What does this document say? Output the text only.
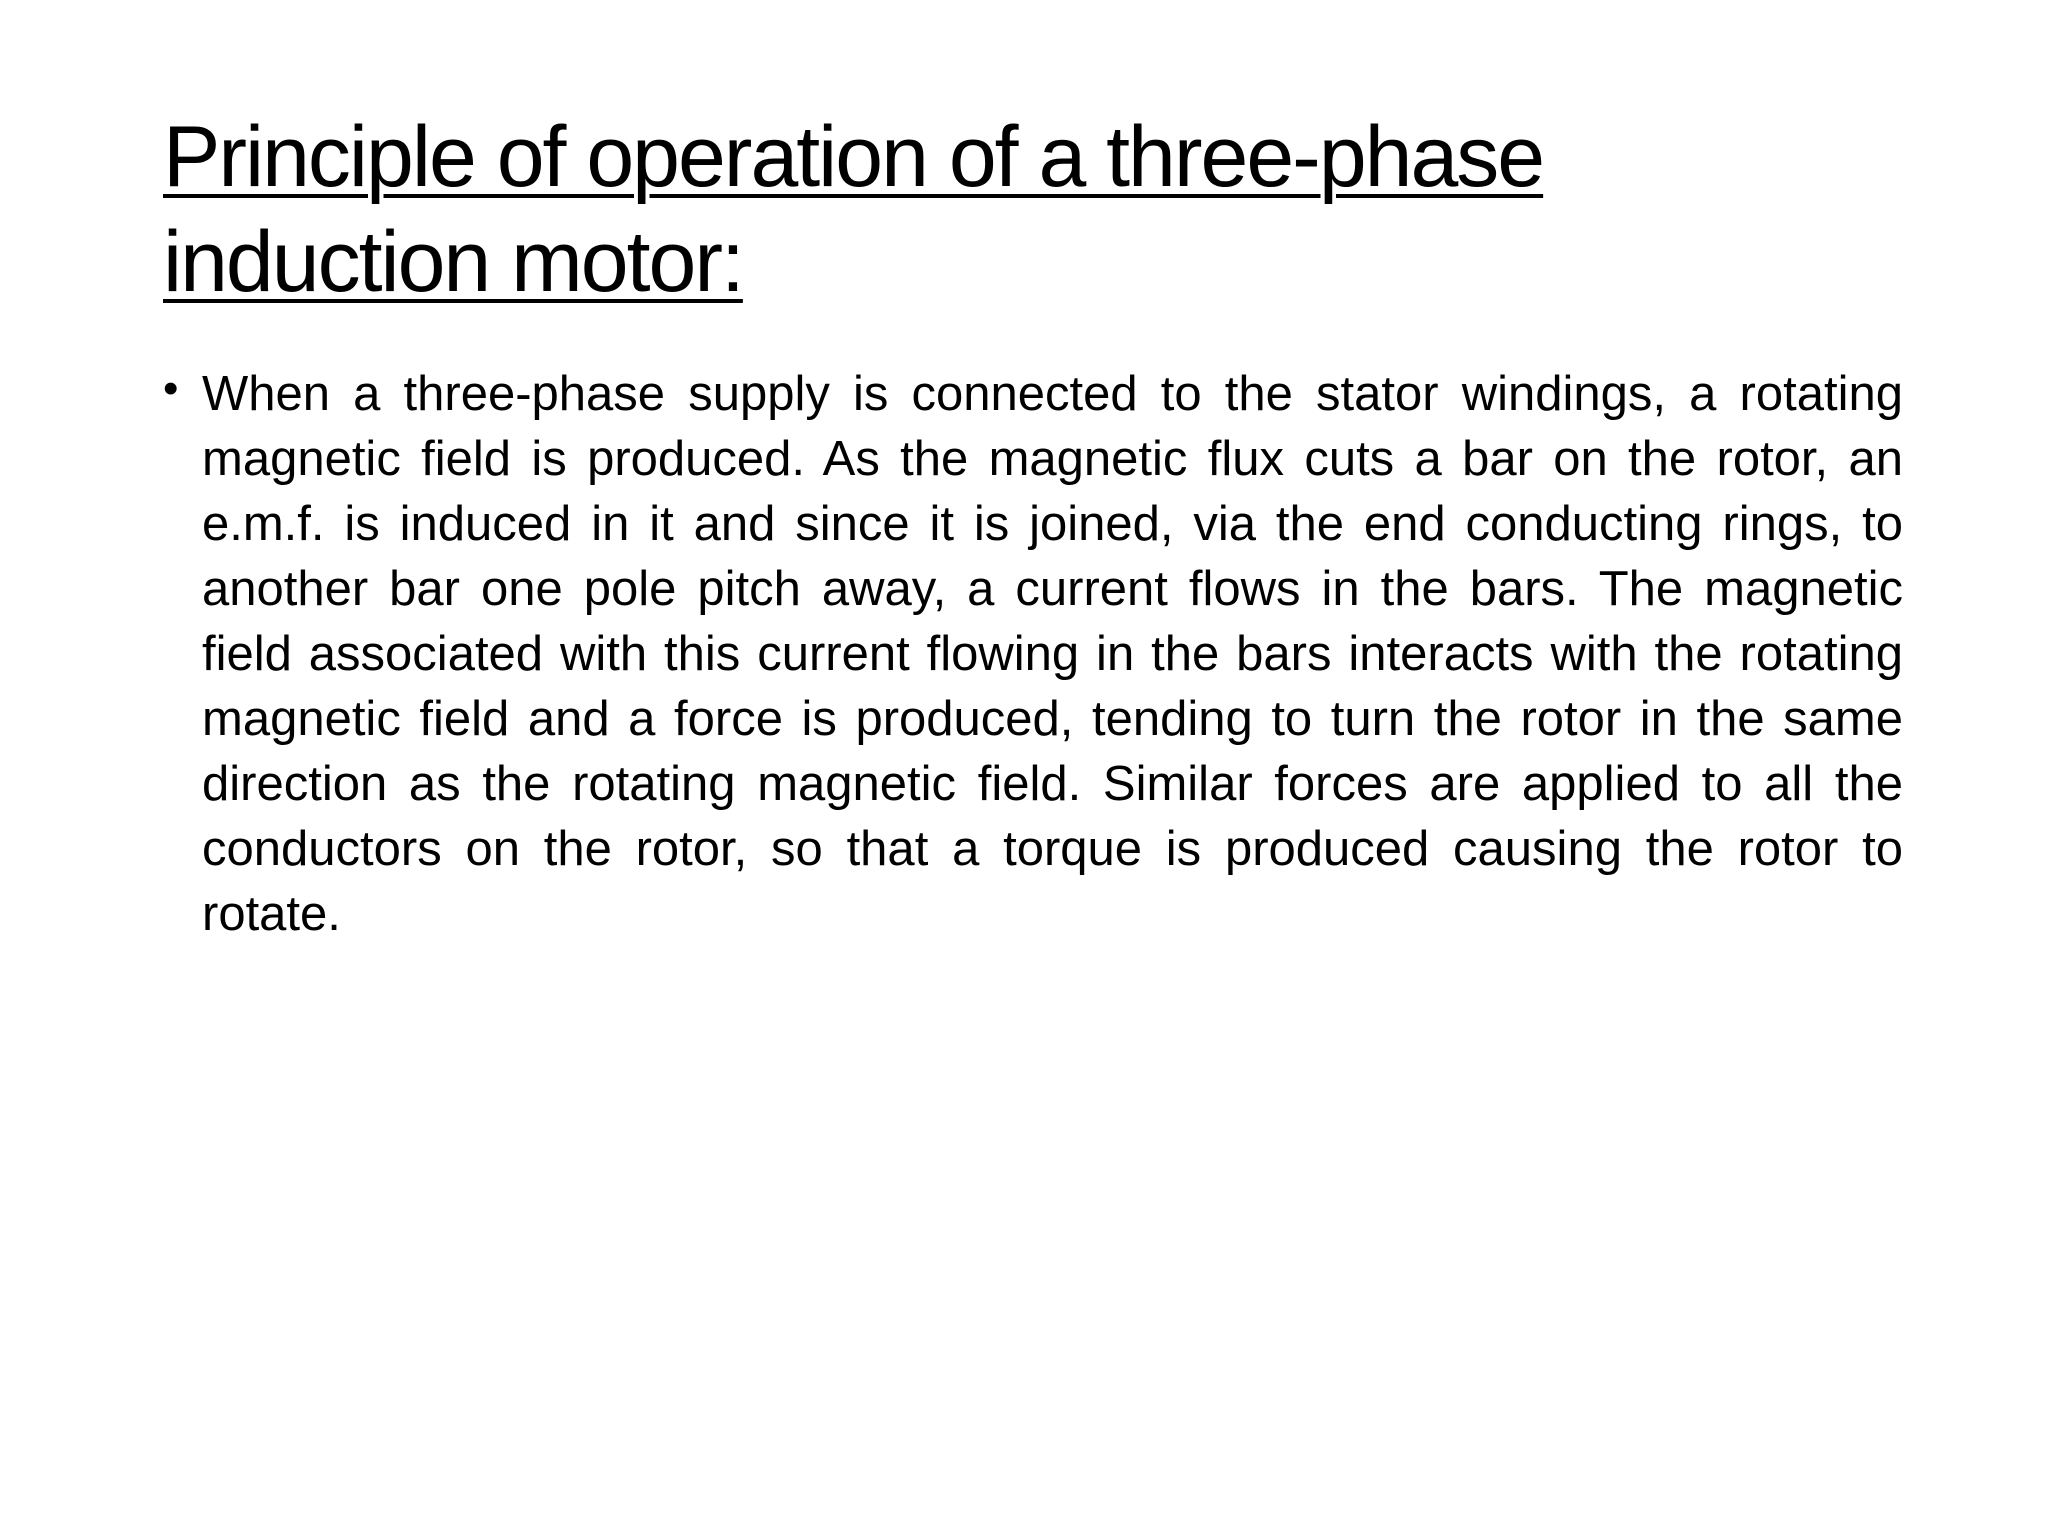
Principle of operation of a three-phase induction motor:
• When a three-phase supply is connected to the stator windings, a rotating magnetic field is produced. As the magnetic flux cuts a bar on the rotor, an e.m.f. is induced in it and since it is joined, via the end conducting rings, to another bar one pole pitch away, a current flows in the bars. The magnetic field associated with this current flowing in the bars interacts with the rotating magnetic field and a force is produced, tending to turn the rotor in the same direction as the rotating magnetic field. Similar forces are applied to all the conductors on the rotor, so that a torque is produced causing the rotor to rotate.
